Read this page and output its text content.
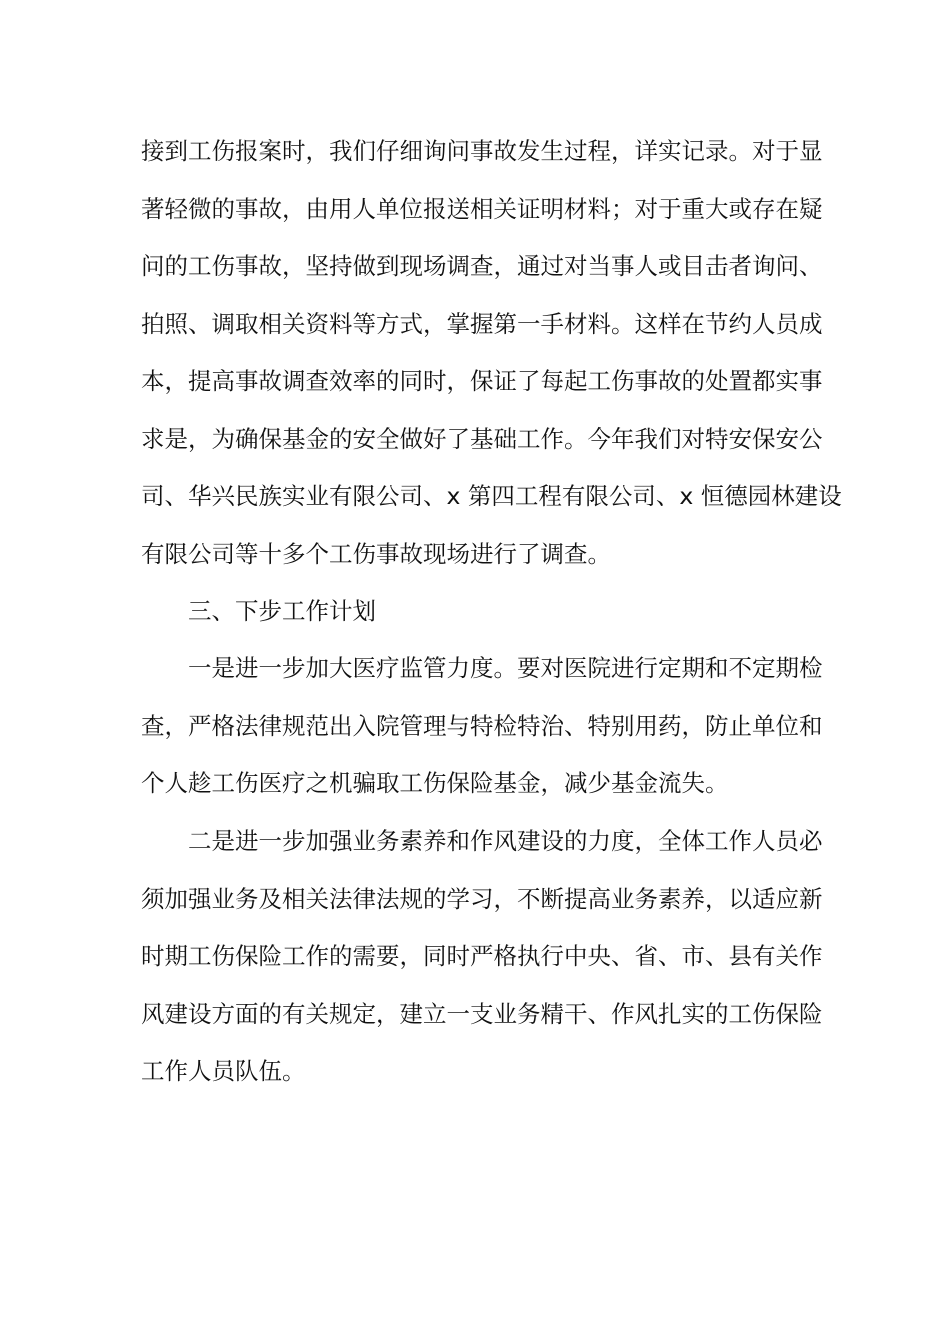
接到工伤报案时，我们仔细询问事故发生过程，详实记录。对于显
著轻微的事故，由用人单位报送相关证明材料；对于重大或存在疑
问的工伤事故，坚持做到现场调查，通过对当事人或目击者询问、
拍照、调取相关资料等方式，掌握第一手材料。这样在节约人员成
本，提高事故调查效率的同时，保证了每起工伤事故的处置都实事
求是，为确保基金的安全做好了基础工作。今年我们对特安保安公
司、华兴民族实业有限公司、x 第四工程有限公司、x 恒德园林建设
有限公司等十多个工伤事故现场进行了调查。
三、下步工作计划
一是进一步加大医疗监管力度。要对医院进行定期和不定期检
查，严格法律规范出入院管理与特检特治、特别用药，防止单位和
个人趁工伤医疗之机骗取工伤保险基金，减少基金流失。
二是进一步加强业务素养和作风建设的力度，全体工作人员必
须加强业务及相关法律法规的学习，不断提高业务素养，以适应新
时期工伤保险工作的需要，同时严格执行中央、省、市、县有关作
风建设方面的有关规定，建立一支业务精干、作风扎实的工伤保险
工作人员队伍。
